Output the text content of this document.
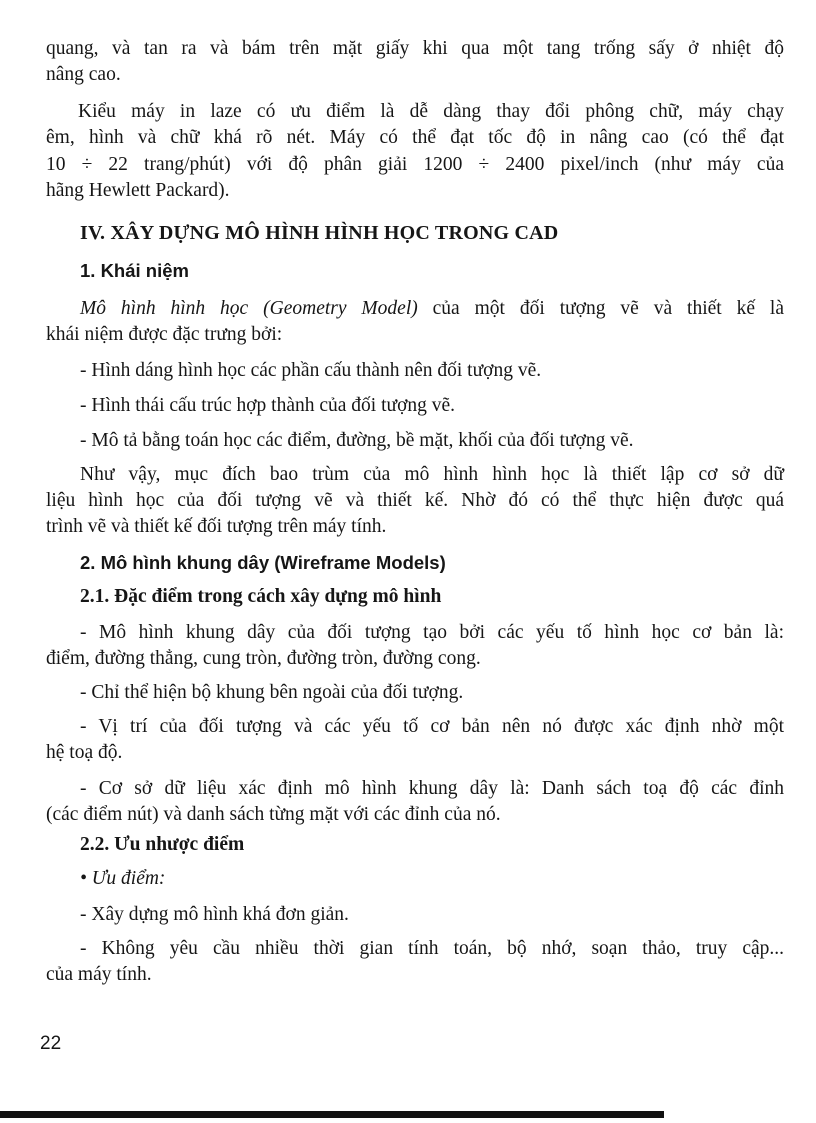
quang, và tan ra và bám trên mặt giấy khi qua một tang trống sấy ở nhiệt độ
nâng cao.
Kiểu máy in laze có ưu điểm là dễ dàng thay đổi phông chữ, máy chạy
êm, hình và chữ khá rõ nét. Máy có thể đạt tốc độ in nâng cao (có thể đạt
10 ÷ 22 trang/phút) với độ phân giải 1200 ÷ 2400 pixel/inch (như máy của
hãng Hewlett Packard).
IV. XÂY DỰNG MÔ HÌNH HÌNH HỌC TRONG CAD
1. Khái niệm
Mô hình hình học (Geometry Model) của một đối tượng vẽ và thiết kế là
khái niệm được đặc trưng bởi:
- Hình dáng hình học các phần cấu thành nên đối tượng vẽ.
- Hình thái cấu trúc hợp thành của đối tượng vẽ.
- Mô tả bằng toán học các điểm, đường, bề mặt, khối của đối tượng vẽ.
Như vậy, mục đích bao trùm của mô hình hình học là thiết lập cơ sở dữ
liệu hình học của đối tượng vẽ và thiết kế. Nhờ đó có thể thực hiện được quá
trình vẽ và thiết kế đối tượng trên máy tính.
2. Mô hình khung dây (Wireframe Models)
2.1. Đặc điểm trong cách xây dựng mô hình
- Mô hình khung dây của đối tượng tạo bởi các yếu tố hình học cơ bản là:
điểm, đường thẳng, cung tròn, đường tròn, đường cong.
- Chỉ thể hiện bộ khung bên ngoài của đối tượng.
- Vị trí của đối tượng và các yếu tố cơ bản nên nó được xác định nhờ một
hệ toạ độ.
- Cơ sở dữ liệu xác định mô hình khung dây là: Danh sách toạ độ các đỉnh
(các điểm nút) và danh sách từng mặt với các đỉnh của nó.
2.2. Ưu nhược điểm
• Ưu điểm:
- Xây dựng mô hình khá đơn giản.
- Không yêu cầu nhiều thời gian tính toán, bộ nhớ, soạn thảo, truy cập...
của máy tính.
22
